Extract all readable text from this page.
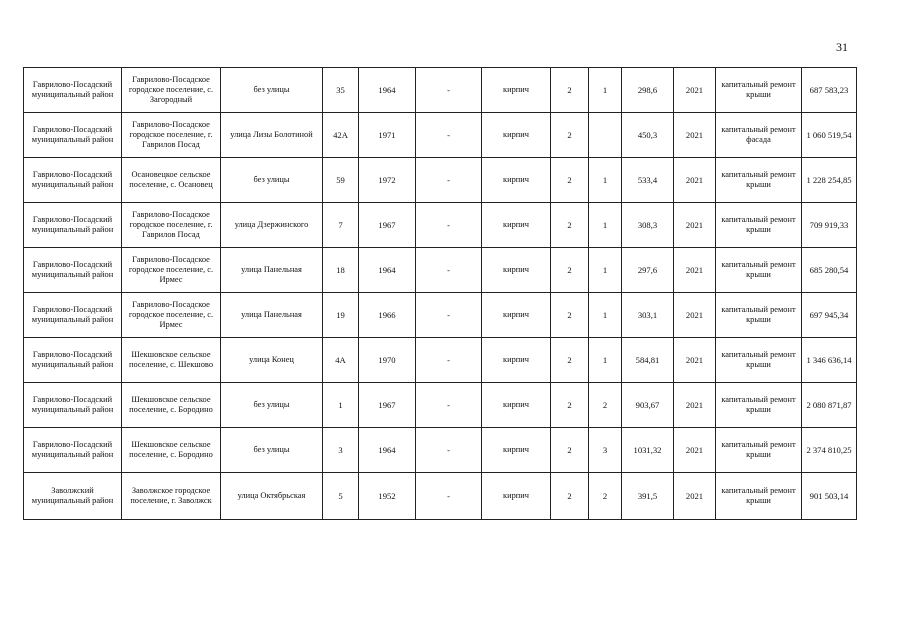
31
Гаврилово-Посадский муниципальный район	Гаврилово-Посадское городское поселение, с. Загородный	без улицы	35	1964	-	кирпич	2	1	298,6	2021	капитальный ремонт крыши	687 583,23
Гаврилово-Посадский муниципальный район	Гаврилово-Посадское городское поселение, г. Гаврилов Посад	улица Лизы Болотиной	42А	1971	-	кирпич	2		450,3	2021	капитальный ремонт фасада	1 060 519,54
Гаврилово-Посадский муниципальный район	Осановецкое сельское поселение, с. Осановец	без улицы	59	1972	-	кирпич	2	1	533,4	2021	капитальный ремонт крыши	1 228 254,85
Гаврилово-Посадский муниципальный район	Гаврилово-Посадское городское поселение, г. Гаврилов Посад	улица Дзержинского	7	1967	-	кирпич	2	1	308,3	2021	капитальный ремонт крыши	709 919,33
Гаврилово-Посадский муниципальный район	Гаврилово-Посадское городское поселение, с. Ирмес	улица Панельная	18	1964	-	кирпич	2	1	297,6	2021	капитальный ремонт крыши	685 280,54
Гаврилово-Посадский муниципальный район	Гаврилово-Посадское городское поселение, с. Ирмес	улица Панельная	19	1966	-	кирпич	2	1	303,1	2021	капитальный ремонт крыши	697 945,34
Гаврилово-Посадский муниципальный район	Шекшовское сельское поселение, с. Шекшово	улица Конец	4А	1970	-	кирпич	2	1	584,81	2021	капитальный ремонт крыши	1 346 636,14
Гаврилово-Посадский муниципальный район	Шекшовское сельское поселение, с. Бородино	без улицы	1	1967	-	кирпич	2	2	903,67	2021	капитальный ремонт крыши	2 080 871,87
Гаврилово-Посадский муниципальный район	Шекшовское сельское поселение, с. Бородино	без улицы	3	1964	-	кирпич	2	3	1031,32	2021	капитальный ремонт крыши	2 374 810,25
Заволжский муниципальный район	Заволжское городское поселение, г. Заволжск	улица Октябрьская	5	1952	-	кирпич	2	2	391,5	2021	капитальный ремонт крыши	901 503,14
